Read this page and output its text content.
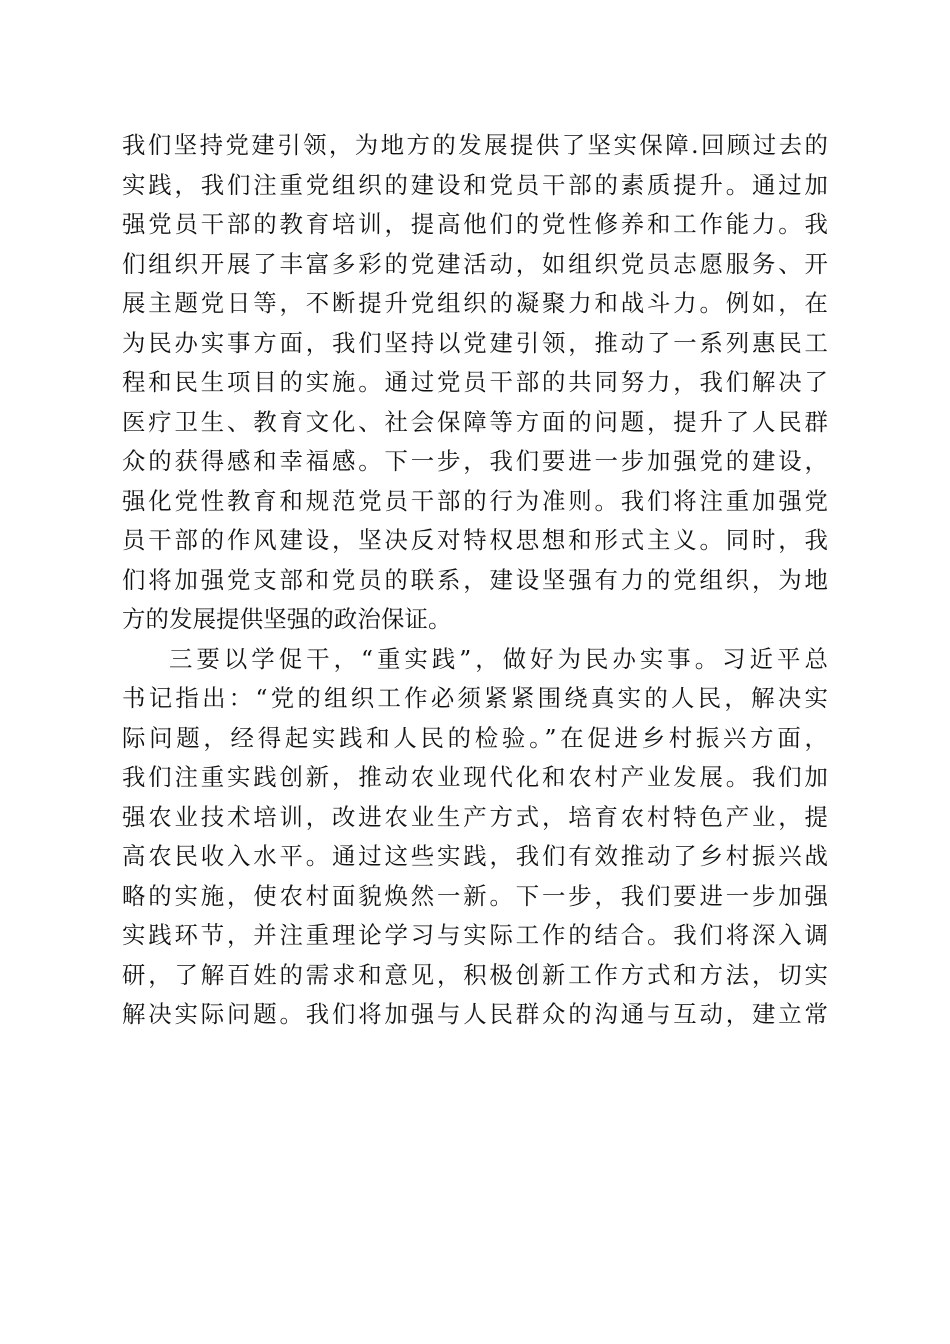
我们坚持党建引领，为地方的发展提供了坚实保障.回顾过去的
实践，我们注重党组织的建设和党员干部的素质提升。通过加
强党员干部的教育培训，提高他们的党性修养和工作能力。我
们组织开展了丰富多彩的党建活动，如组织党员志愿服务、开
展主题党日等，不断提升党组织的凝聚力和战斗力。例如，在
为民办实事方面，我们坚持以党建引领，推动了一系列惠民工
程和民生项目的实施。通过党员干部的共同努力，我们解决了
医疗卫生、教育文化、社会保障等方面的问题，提升了人民群
众的获得感和幸福感。下一步，我们要进一步加强党的建设，
强化党性教育和规范党员干部的行为准则。我们将注重加强党
员干部的作风建设，坚决反对特权思想和形式主义。同时，我
们将加强党支部和党员的联系，建设坚强有力的党组织，为地
方的发展提供坚强的政治保证。
三要以学促干，“重实践”，做好为民办实事。习近平总
书记指出：“党的组织工作必须紧紧围绕真实的人民，解决实
际问题，经得起实践和人民的检验。”在促进乡村振兴方面，
我们注重实践创新，推动农业现代化和农村产业发展。我们加
强农业技术培训，改进农业生产方式，培育农村特色产业，提
高农民收入水平。通过这些实践，我们有效推动了乡村振兴战
略的实施，使农村面貌焕然一新。下一步，我们要进一步加强
实践环节，并注重理论学习与实际工作的结合。我们将深入调
研，了解百姓的需求和意见，积极创新工作方式和方法，切实
解决实际问题。我们将加强与人民群众的沟通与互动，建立常
